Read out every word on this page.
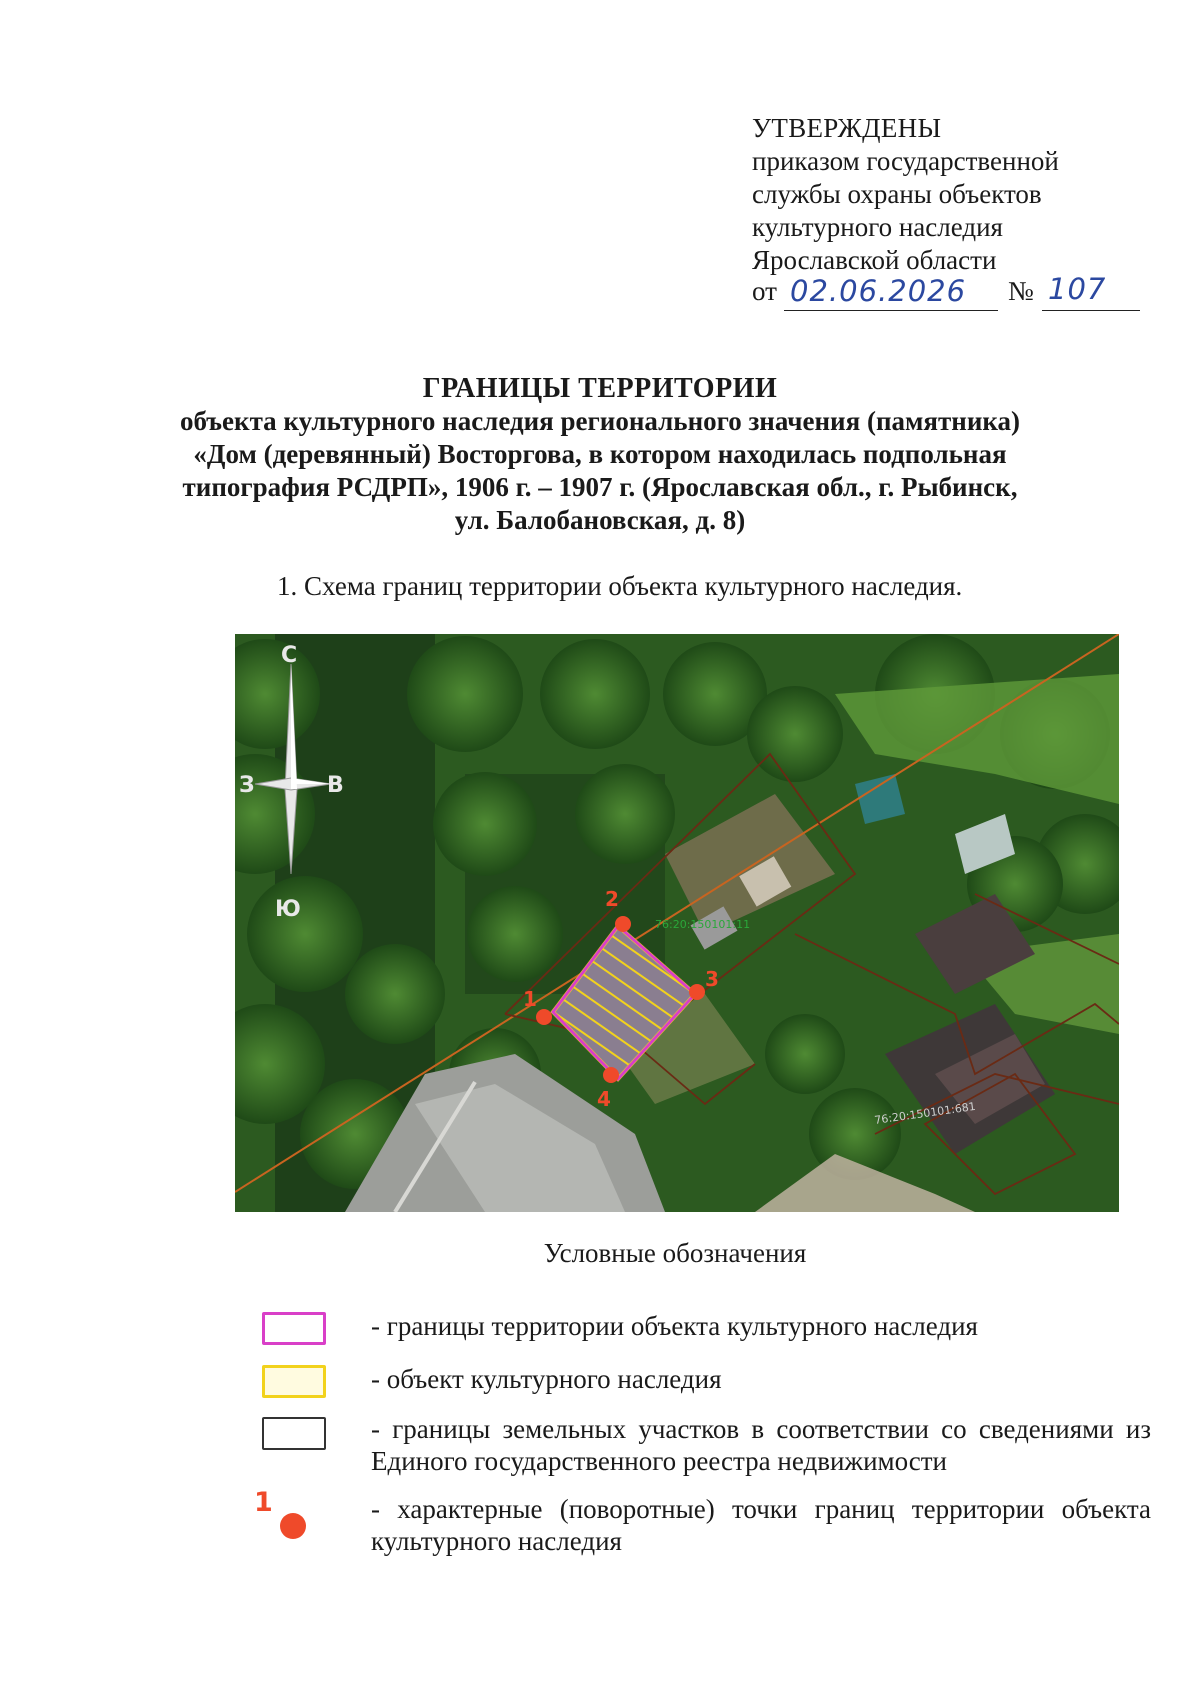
УТВЕРЖДЕНЫ
приказом государственной
службы охраны объектов
культурного наследия
Ярославской области
от 02.06.2026 № 107
ГРАНИЦЫ ТЕРРИТОРИИ
объекта культурного наследия регионального значения (памятника)
«Дом (деревянный) Восторгова, в котором находилась подпольная
типография РСДРП», 1906 г. – 1907 г. (Ярославская обл., г. Рыбинск,
ул. Балобановская, д. 8)
1. Схема границ территории объекта культурного наследия.
1
2
3
4
76:20:150101:11
76:20:150101:681
С
Ю
З	В
Условные обозначения
- границы территории объекта культурного наследия
- объект культурного наследия
- границы земельных участков в соответствии со сведениями из Единого государственного реестра недвижимости
1	- характерные (поворотные) точки границ территории объекта культурного наследия
